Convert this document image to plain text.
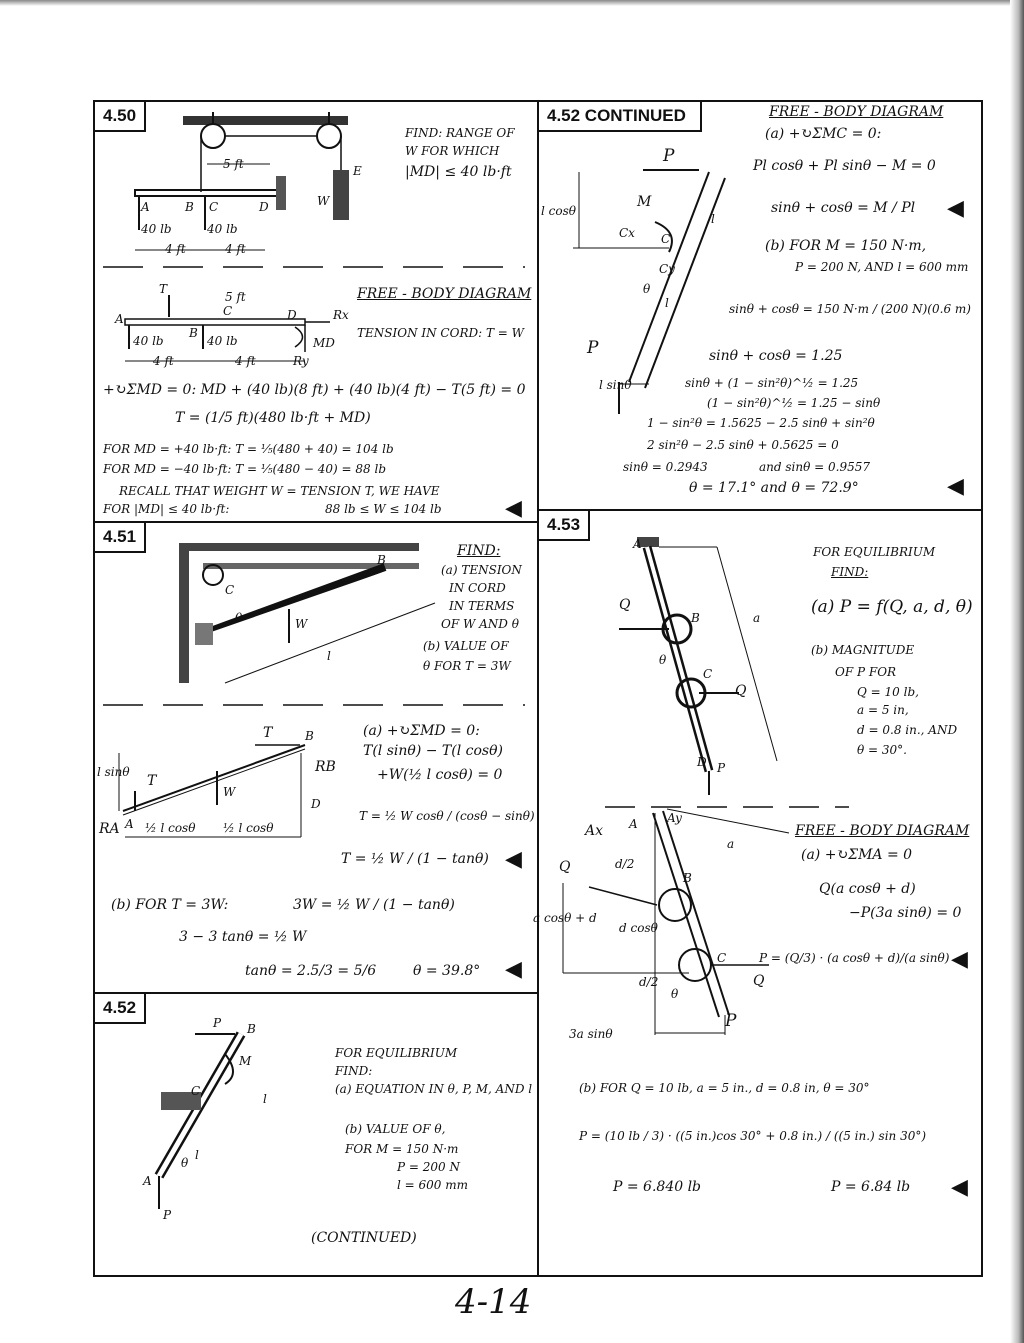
4.50
5 ft
A	B C	D
E
W
40 lb	40 lb
4 ft	4 ft
FIND: RANGE OF
W FOR WHICH
|MD| ≤ 40 lb·ft
T
5 ft
A
B
C	D	Rx
MD
Ry
40 lb	40 lb
4 ft	4 ft
FREE - BODY DIAGRAM
TENSION IN CORD: T = W
+↻ΣMD = 0: MD + (40 lb)(8 ft) + (40 lb)(4 ft) − T(5 ft) = 0
T = (1/5 ft)(480 lb·ft + MD)
FOR MD = +40 lb·ft: T = ⅕(480 + 40) = 104 lb
FOR MD = −40 lb·ft: T = ⅕(480 − 40) = 88 lb
RECALL THAT WEIGHT W = TENSION T, WE HAVE
FOR |MD| ≤ 40 lb·ft:	88 lb ≤ W ≤ 104 lb	◀
4.51
C
B
W
l
θ
FIND:
(a) TENSION
IN CORD
IN TERMS
OF W AND θ
(b) VALUE OF
θ FOR T = 3W
T	B
l sinθ
T
W
RB
D
RA A ½ l cosθ ½ l cosθ
(a) +↻ΣMD = 0:
T(l sinθ) − T(l cosθ)
+W(½ l cosθ) = 0
T = ½ W cosθ / (cosθ − sinθ)
T = ½ W / (1 − tanθ) ◀
(b) FOR T = 3W:	3W = ½ W / (1 − tanθ)
3 − 3 tanθ = ½ W
tanθ = 2.5/3 = 5/6	θ = 39.8° ◀
4.52
P B
M
C
l
l
θ
A
P
FOR EQUILIBRIUM
FIND:
(a) EQUATION IN θ, P, M, AND l
(b) VALUE OF θ,
FOR M = 150 N·m
P = 200 N
l = 600 mm
(CONTINUED)
4.52 CONTINUED	FREE - BODY DIAGRAM
P
l cosθ
M
Cx C
Cy
θ
l
l
P
l sinθ
(a) +↻ΣMC = 0:
Pl cosθ + Pl sinθ − M = 0
sinθ + cosθ = M / Pl ◀
(b) FOR M = 150 N·m,
P = 200 N, AND l = 600 mm
sinθ + cosθ = 150 N·m / (200 N)(0.6 m)
sinθ + cosθ = 1.25
sinθ + (1 − sin²θ)^½ = 1.25
(1 − sin²θ)^½ = 1.25 − sinθ
1 − sin²θ = 1.5625 − 2.5 sinθ + sin²θ
2 sin²θ − 2.5 sinθ + 0.5625 = 0
sinθ = 0.2943	and sinθ = 0.9557
θ = 17.1° and θ = 72.9°	◀
4.53
A
Q
B
θ
C
Q
D P
a
FOR EQUILIBRIUM
FIND:
(a) P = f(Q, a, d, θ)
(b) MAGNITUDE
OF P FOR
Q = 10 lb,
a = 5 in,
d = 0.8 in., AND
θ = 30°.
Ax A Ay
Q	d/2
B
a cosθ + d
d cosθ
C
Q
d/2
θ
P
3a sinθ
a
FREE - BODY DIAGRAM
(a) +↻ΣMA = 0
Q(a cosθ + d)
−P(3a sinθ) = 0
P = (Q/3) · (a cosθ + d)/(a sinθ) ◀
(b) FOR Q = 10 lb, a = 5 in., d = 0.8 in, θ = 30°
P = (10 lb / 3) · ((5 in.)cos 30° + 0.8 in.) / ((5 in.) sin 30°)
P = 6.840 lb	P = 6.84 lb ◀
4-14
